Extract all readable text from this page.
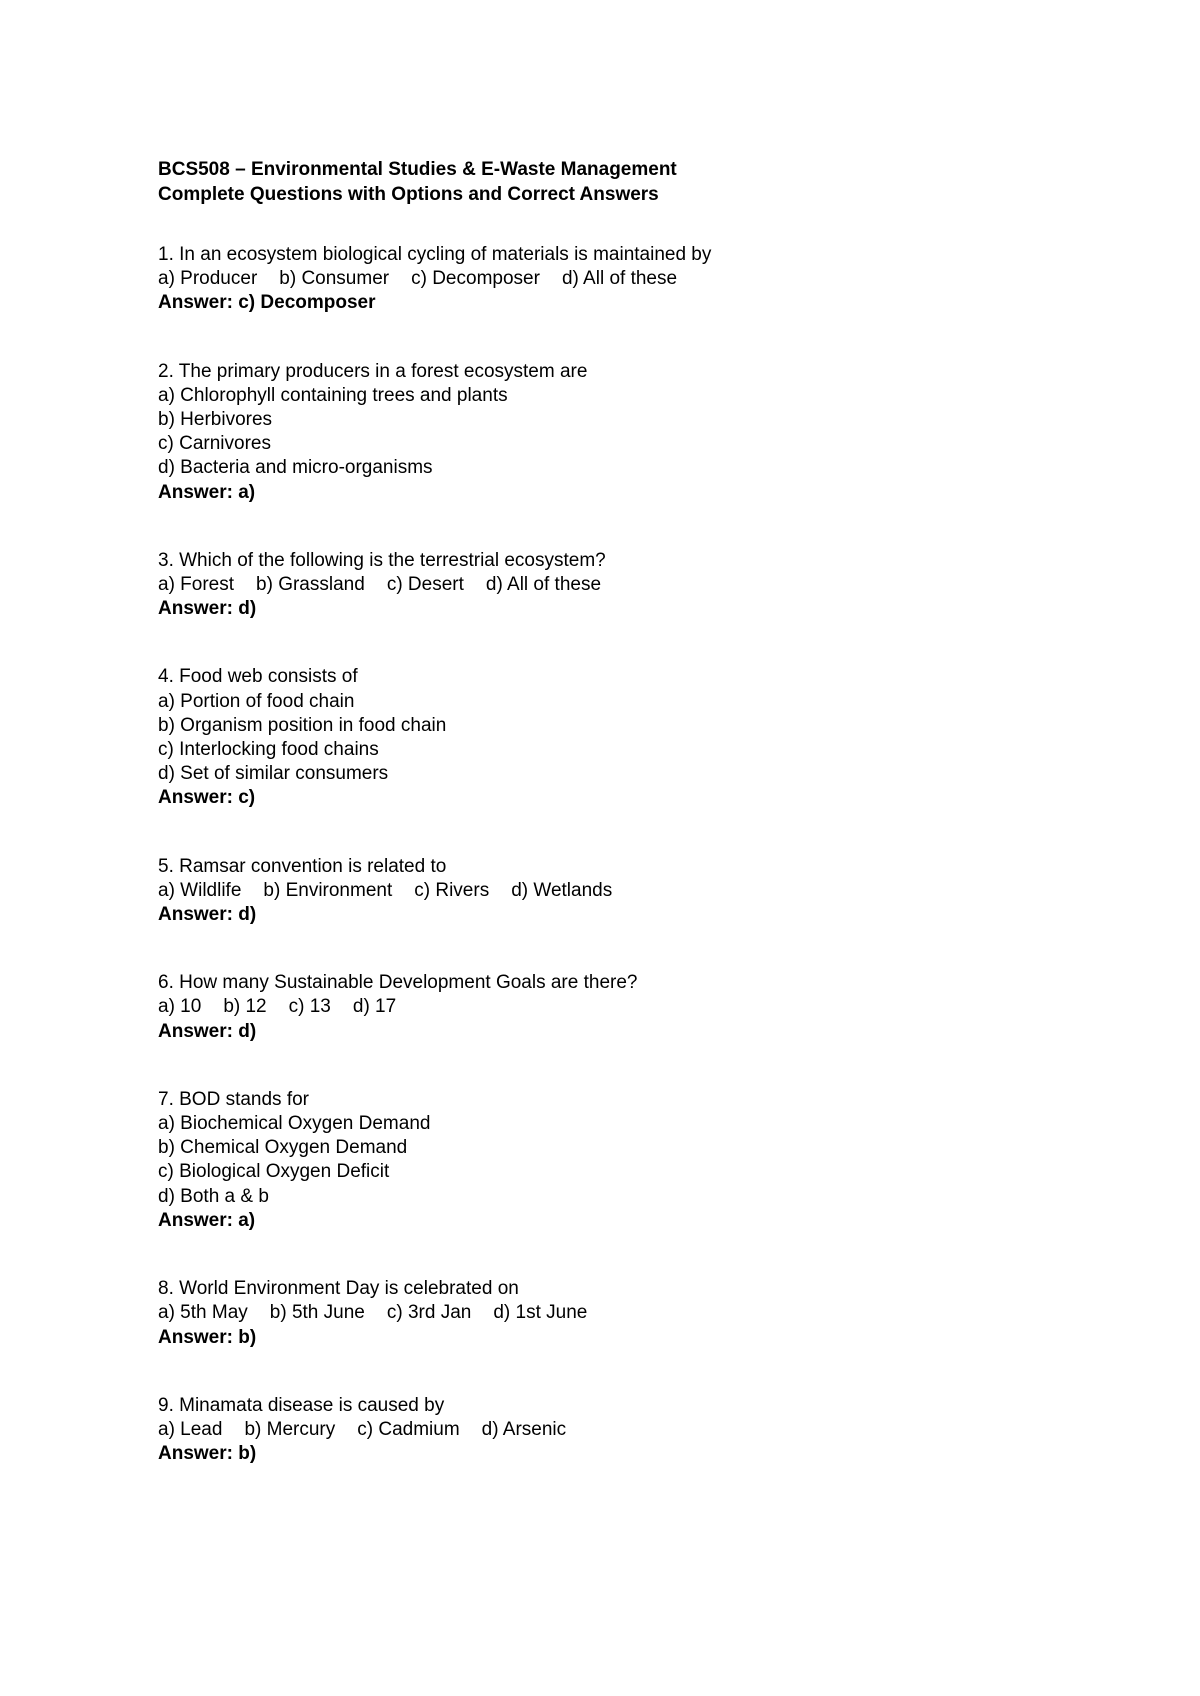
BCS508 – Environmental Studies & E-Waste Management
Complete Questions with Options and Correct Answers
1. In an ecosystem biological cycling of materials is maintained by
a) Producer b) Consumer c) Decomposer d) All of these
Answer: c) Decomposer
2. The primary producers in a forest ecosystem are
a) Chlorophyll containing trees and plants
b) Herbivores
c) Carnivores
d) Bacteria and micro-organisms
Answer: a)
3. Which of the following is the terrestrial ecosystem?
a) Forest b) Grassland c) Desert d) All of these
Answer: d)
4. Food web consists of
a) Portion of food chain
b) Organism position in food chain
c) Interlocking food chains
d) Set of similar consumers
Answer: c)
5. Ramsar convention is related to
a) Wildlife b) Environment c) Rivers d) Wetlands
Answer: d)
6. How many Sustainable Development Goals are there?
a) 10 b) 12 c) 13 d) 17
Answer: d)
7. BOD stands for
a) Biochemical Oxygen Demand
b) Chemical Oxygen Demand
c) Biological Oxygen Deficit
d) Both a & b
Answer: a)
8. World Environment Day is celebrated on
a) 5th May b) 5th June c) 3rd Jan d) 1st June
Answer: b)
9. Minamata disease is caused by
a) Lead b) Mercury c) Cadmium d) Arsenic
Answer: b)
